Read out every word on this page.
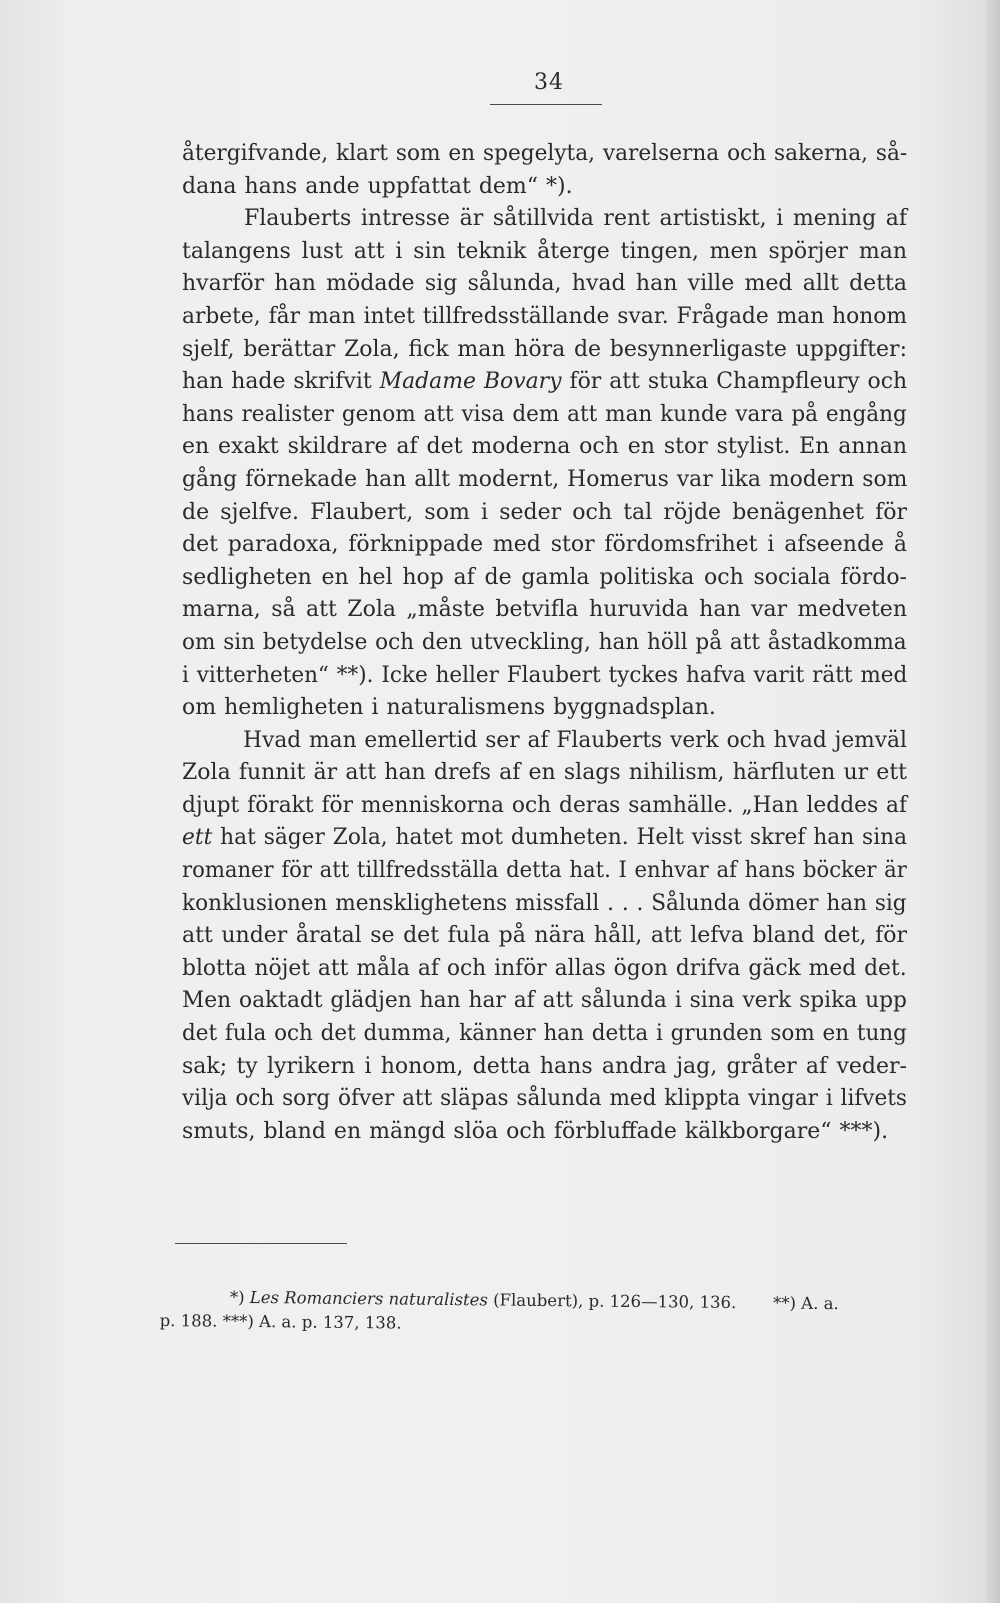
34
återgifvande, klart som en spegelyta, varelserna och sakerna, så-
dana hans ande uppfattat dem“ *).
Flauberts intresse är såtillvida rent artistiskt, i mening af
talangens lust att i sin teknik återge tingen, men spörjer man
hvarför han mödade sig sålunda, hvad han ville med allt detta
arbete, får man intet tillfredsställande svar. Frågade man honom
sjelf, berättar Zola, fick man höra de besynnerligaste uppgifter:
han hade skrifvit Madame Bovary för att stuka Champfleury och
hans realister genom att visa dem att man kunde vara på engång
en exakt skildrare af det moderna och en stor stylist. En annan
gång förnekade han allt modernt, Homerus var lika modern som
de sjelfve. Flaubert, som i seder och tal röjde benägenhet för
det paradoxa, förknippade med stor fördomsfrihet i afseende å
sedligheten en hel hop af de gamla politiska och sociala fördo-
marna, så att Zola „måste betvifla huruvida han var medveten
om sin betydelse och den utveckling, han höll på att åstadkomma
i vitterheten“ **). Icke heller Flaubert tyckes hafva varit rätt med
om hemligheten i naturalismens byggnadsplan.
Hvad man emellertid ser af Flauberts verk och hvad jemväl
Zola funnit är att han drefs af en slags nihilism, härfluten ur ett
djupt förakt för menniskorna och deras samhälle. „Han leddes af
ett hat säger Zola, hatet mot dumheten. Helt visst skref han sina
romaner för att tillfredsställa detta hat. I enhvar af hans böcker är
konklusionen mensklighetens missfall . . . Sålunda dömer han sig
att under åratal se det fula på nära håll, att lefva bland det, för
blotta nöjet att måla af och inför allas ögon drifva gäck med det.
Men oaktadt glädjen han har af att sålunda i sina verk spika upp
det fula och det dumma, känner han detta i grunden som en tung
sak; ty lyrikern i honom, detta hans andra jag, gråter af veder-
vilja och sorg öfver att släpas sålunda med klippta vingar i lifvets
smuts, bland en mängd slöa och förbluffade kälkborgare“ ***).
*) Les Romanciers naturalistes (Flaubert), p. 126—130, 136. **) A. a.
p. 188. ***) A. a. p. 137, 138.
